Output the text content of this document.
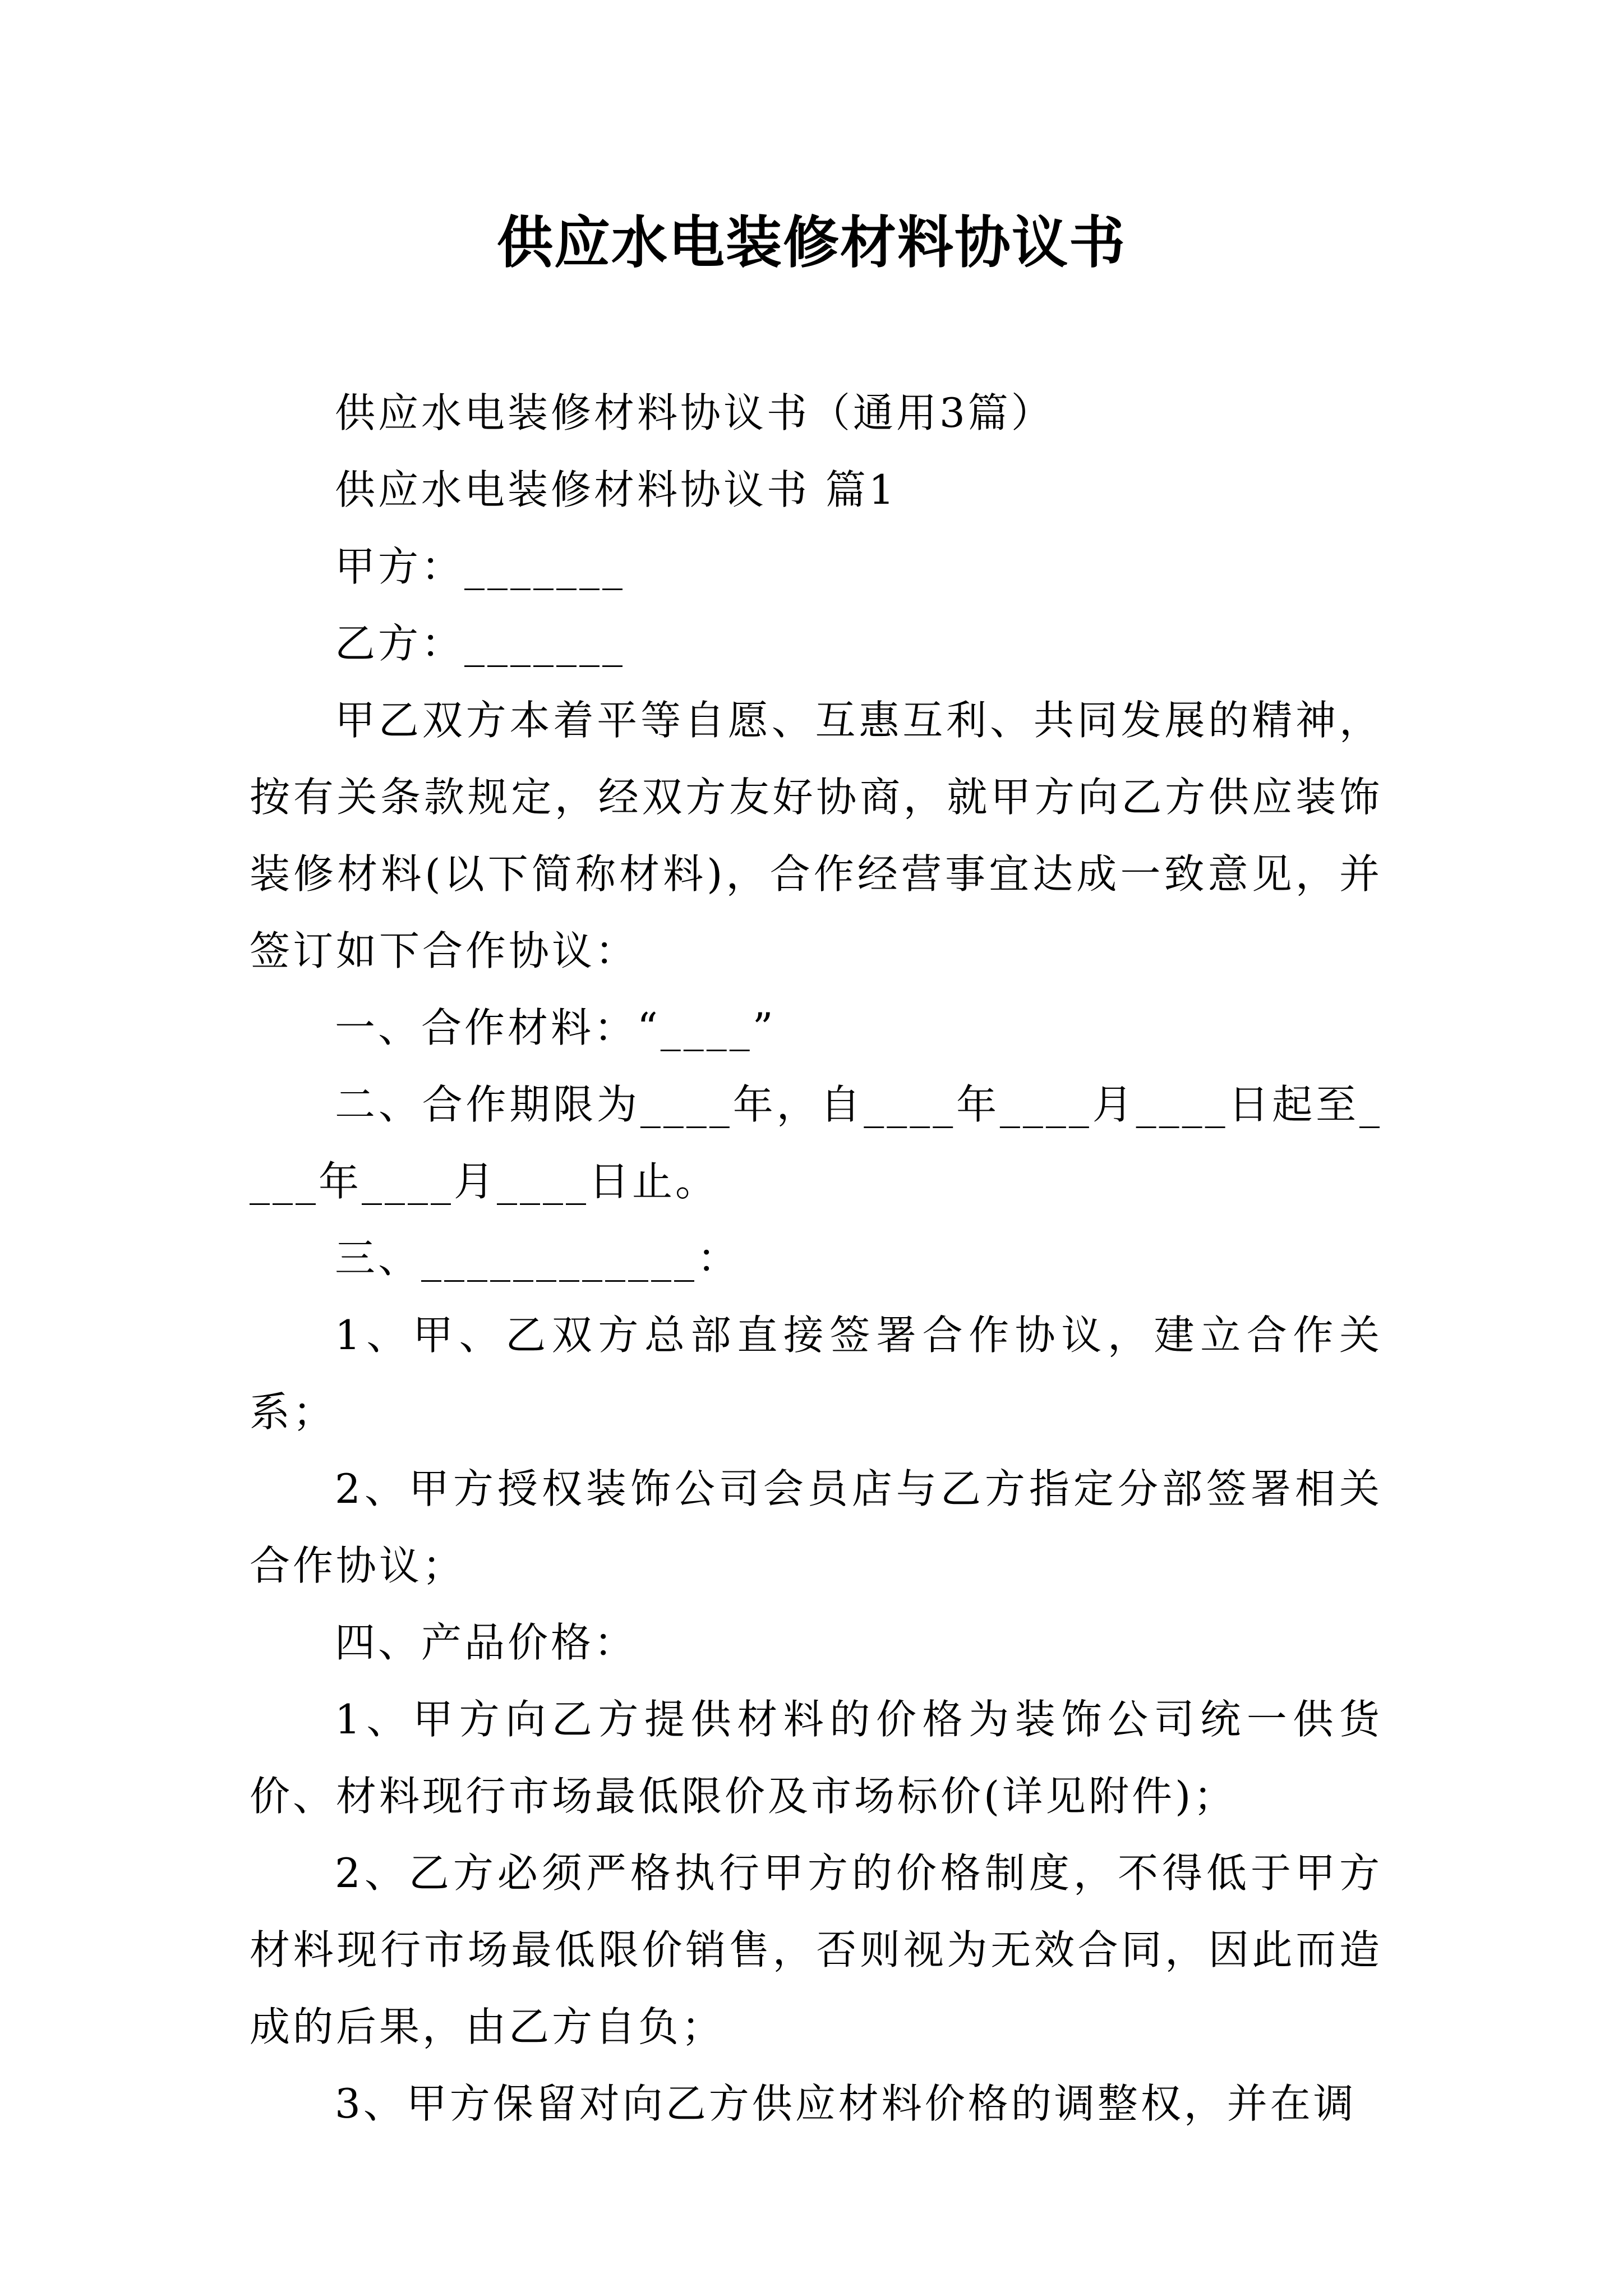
供应水电装修材料协议书

供应水电装修材料协议书（通用3篇）

供应水电装修材料协议书 篇1

甲方：_______

乙方：_______

甲乙双方本着平等自愿、互惠互利、共同发展的精神，按有关条款规定，经双方友好协商，就甲方向乙方供应装饰装修材料(以下简称材料)，合作经营事宜达成一致意见，并签订如下合作协议：

一、合作材料：“____”

二、合作期限为____年，自____年____月____日起至____年____月____日止。

三、____________：

1、甲、乙双方总部直接签署合作协议，建立合作关系；

2、甲方授权装饰公司会员店与乙方指定分部签署相关合作协议；

四、产品价格：

1、甲方向乙方提供材料的价格为装饰公司统一供货价、材料现行市场最低限价及市场标价(详见附件)；

2、乙方必须严格执行甲方的价格制度，不得低于甲方材料现行市场最低限价销售，否则视为无效合同，因此而造成的后果，由乙方自负；

3、甲方保留对向乙方供应材料价格的调整权，并在调
